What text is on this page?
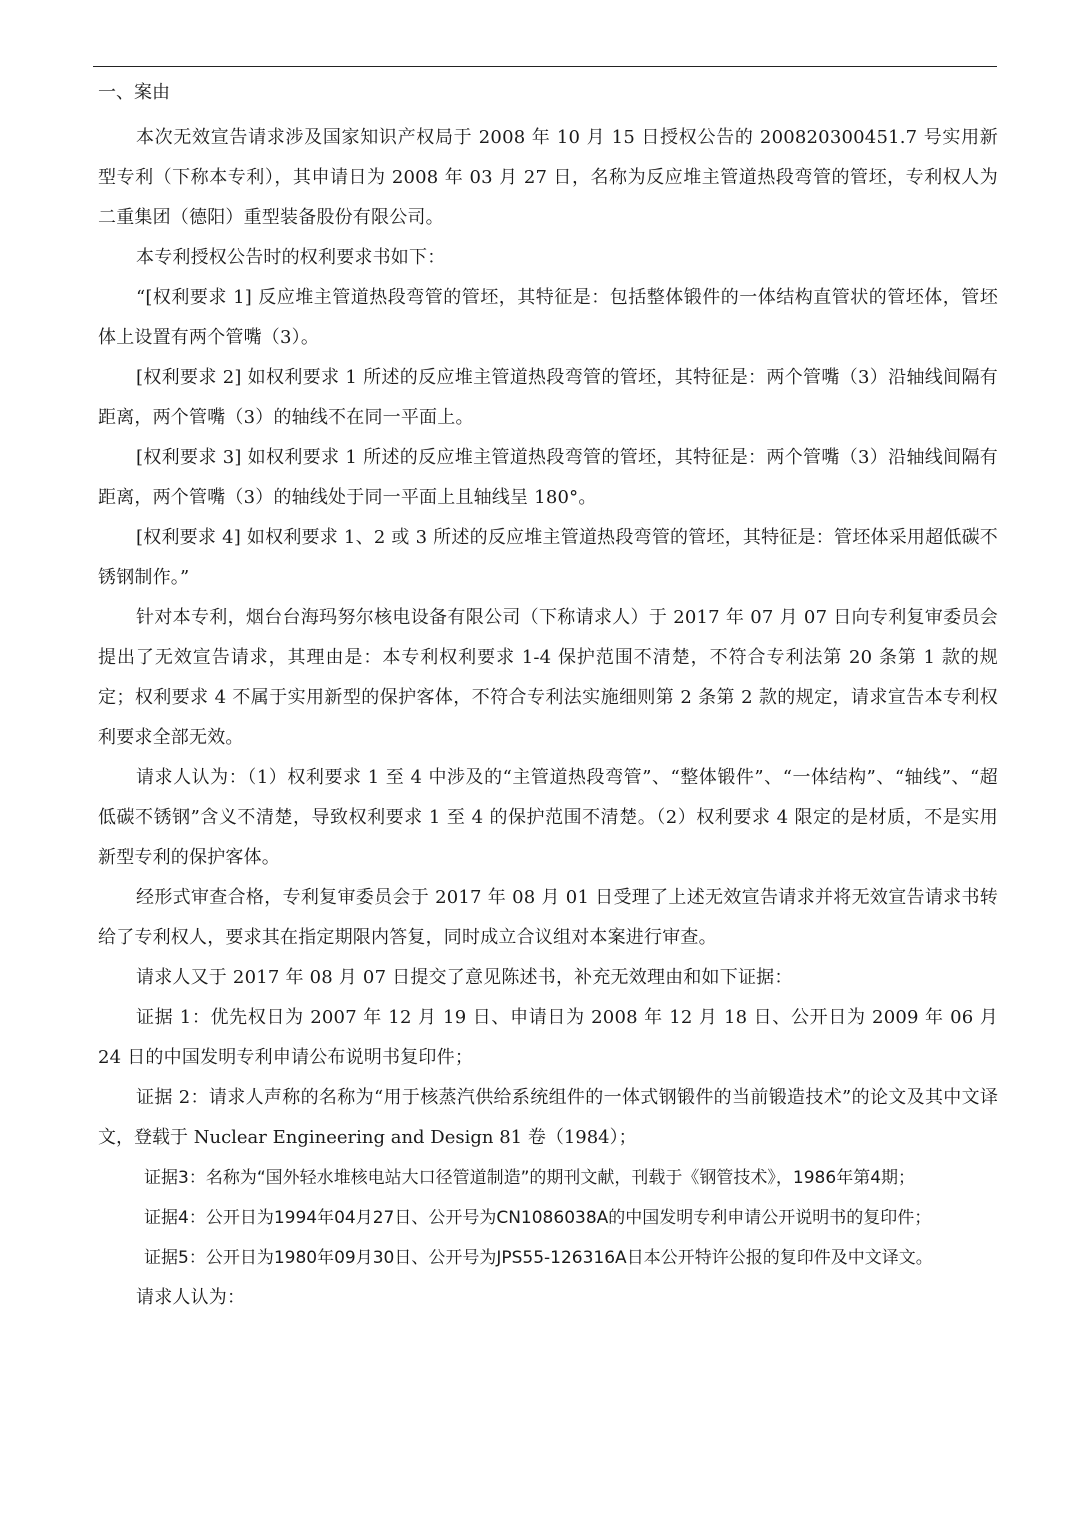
一、案由

本次无效宣告请求涉及国家知识产权局于 2008 年 10 月 15 日授权公告的 200820300451.7 号实用新型专利（下称本专利），其申请日为 2008 年 03 月 27 日，名称为反应堆主管道热段弯管的管坯，专利权人为二重集团（德阳）重型装备股份有限公司。

本专利授权公告时的权利要求书如下：

“[权利要求 1] 反应堆主管道热段弯管的管坯，其特征是：包括整体锻件的一体结构直管状的管坯体，管坯体上设置有两个管嘴（3）。

[权利要求 2] 如权利要求 1 所述的反应堆主管道热段弯管的管坯，其特征是：两个管嘴（3）沿轴线间隔有距离，两个管嘴（3）的轴线不在同一平面上。

[权利要求 3] 如权利要求 1 所述的反应堆主管道热段弯管的管坯，其特征是：两个管嘴（3）沿轴线间隔有距离，两个管嘴（3）的轴线处于同一平面上且轴线呈 180°。

[权利要求 4] 如权利要求 1、2 或 3 所述的反应堆主管道热段弯管的管坯，其特征是：管坯体采用超低碳不锈钢制作。”

针对本专利，烟台台海玛努尔核电设备有限公司（下称请求人）于 2017 年 07 月 07 日向专利复审委员会提出了无效宣告请求，其理由是：本专利权利要求 1-4 保护范围不清楚，不符合专利法第 20 条第 1 款的规定；权利要求 4 不属于实用新型的保护客体，不符合专利法实施细则第 2 条第 2 款的规定，请求宣告本专利权利要求全部无效。

请求人认为：（1）权利要求 1 至 4 中涉及的“主管道热段弯管”、“整体锻件”、“一体结构”、“轴线”、“超低碳不锈钢”含义不清楚，导致权利要求 1 至 4 的保护范围不清楚。（2）权利要求 4 限定的是材质，不是实用新型专利的保护客体。

经形式审查合格，专利复审委员会于 2017 年 08 月 01 日受理了上述无效宣告请求并将无效宣告请求书转给了专利权人，要求其在指定期限内答复，同时成立合议组对本案进行审查。

请求人又于 2017 年 08 月 07 日提交了意见陈述书，补充无效理由和如下证据：

证据 1：优先权日为 2007 年 12 月 19 日、申请日为 2008 年 12 月 18 日、公开日为 2009 年 06 月 24 日的中国发明专利申请公布说明书复印件；

证据 2：请求人声称的名称为“用于核蒸汽供给系统组件的一体式钢锻件的当前锻造技术”的论文及其中文译文，登载于 Nuclear Engineering and Design 81 卷（1984）；

证据3：名称为“国外轻水堆核电站大口径管道制造”的期刊文献，刊载于《钢管技术》，1986年第4期；

证据4：公开日为1994年04月27日、公开号为CN1086038A的中国发明专利申请公开说明书的复印件；

证据5：公开日为1980年09月30日、公开号为JPS55-126316A日本公开特许公报的复印件及中文译文。

请求人认为：
